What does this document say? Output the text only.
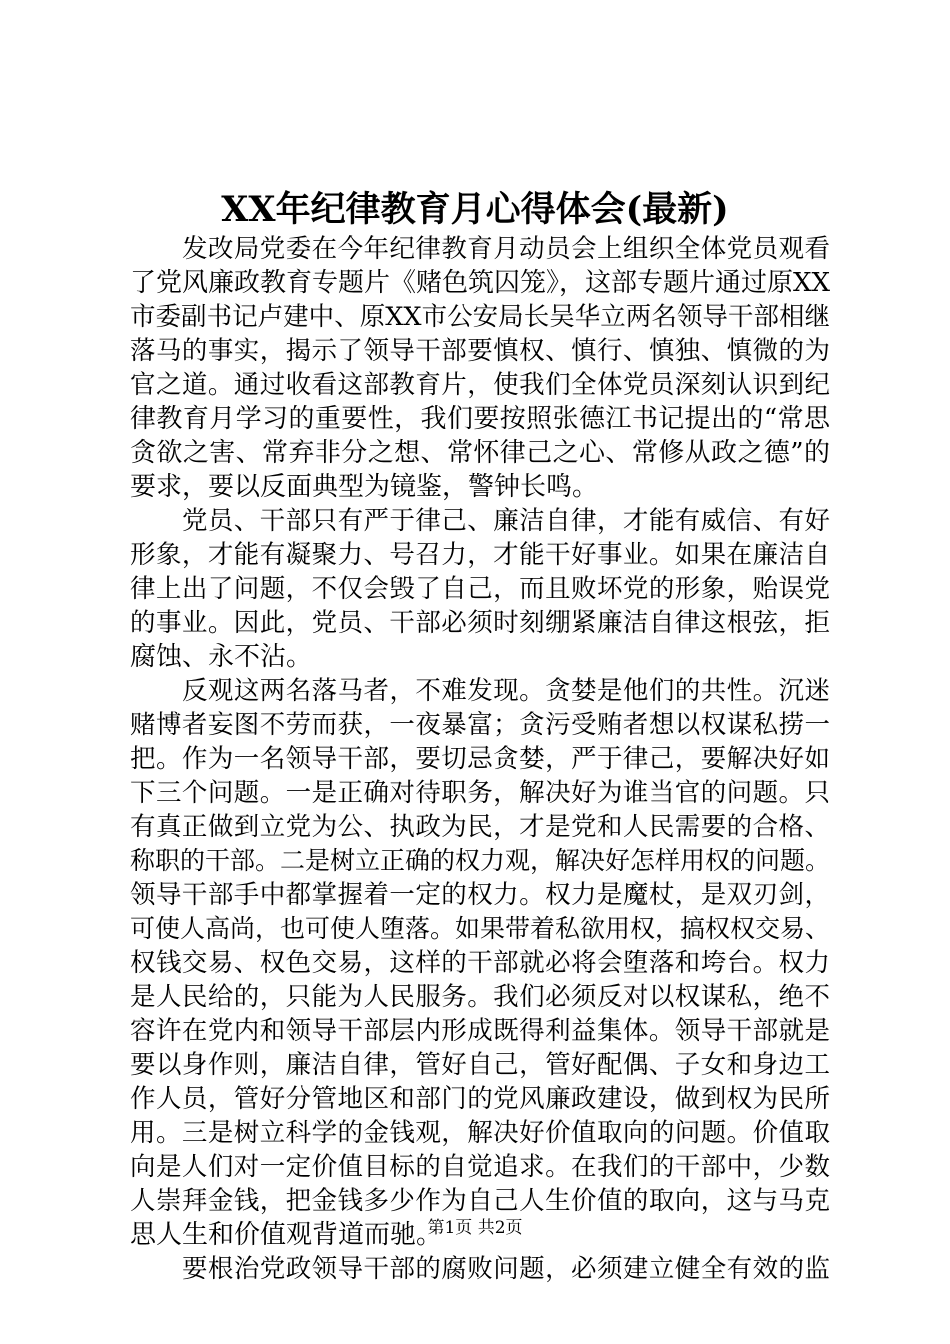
XX年纪律教育月心得体会(最新)
发改局党委在今年纪律教育月动员会上组织全体党员观看
了党风廉政教育专题片《赌色筑囚笼》，这部专题片通过原XX
市委副书记卢建中、原XX市公安局长吴华立两名领导干部相继
落马的事实，揭示了领导干部要慎权、慎行、慎独、慎微的为
官之道。通过收看这部教育片，使我们全体党员深刻认识到纪
律教育月学习的重要性，我们要按照张德江书记提出的“常思
贪欲之害、常弃非分之想、常怀律己之心、常修从政之德”的
要求，要以反面典型为镜鉴，警钟长鸣。
党员、干部只有严于律己、廉洁自律，才能有威信、有好
形象，才能有凝聚力、号召力，才能干好事业。如果在廉洁自
律上出了问题，不仅会毁了自己，而且败坏党的形象，贻误党
的事业。因此，党员、干部必须时刻绷紧廉洁自律这根弦，拒
腐蚀、永不沾。
反观这两名落马者，不难发现。贪婪是他们的共性。沉迷
赌博者妄图不劳而获，一夜暴富；贪污受贿者想以权谋私捞一
把。作为一名领导干部，要切忌贪婪，严于律己，要解决好如
下三个问题。一是正确对待职务，解决好为谁当官的问题。只
有真正做到立党为公、执政为民，才是党和人民需要的合格、
称职的干部。二是树立正确的权力观，解决好怎样用权的问题。
领导干部手中都掌握着一定的权力。权力是魔杖，是双刃剑，
可使人高尚，也可使人堕落。如果带着私欲用权，搞权权交易、
权钱交易、权色交易，这样的干部就必将会堕落和垮台。权力
是人民给的，只能为人民服务。我们必须反对以权谋私，绝不
容许在党内和领导干部层内形成既得利益集体。领导干部就是
要以身作则，廉洁自律，管好自己，管好配偶、子女和身边工
作人员，管好分管地区和部门的党风廉政建设，做到权为民所
用。三是树立科学的金钱观，解决好价值取向的问题。价值取
向是人们对一定价值目标的自觉追求。在我们的干部中，少数
人崇拜金钱，把金钱多少作为自己人生价值的取向，这与马克
思人生和价值观背道而驰。
要根治党政领导干部的腐败问题，必须建立健全有效的监
第1页 共2页
